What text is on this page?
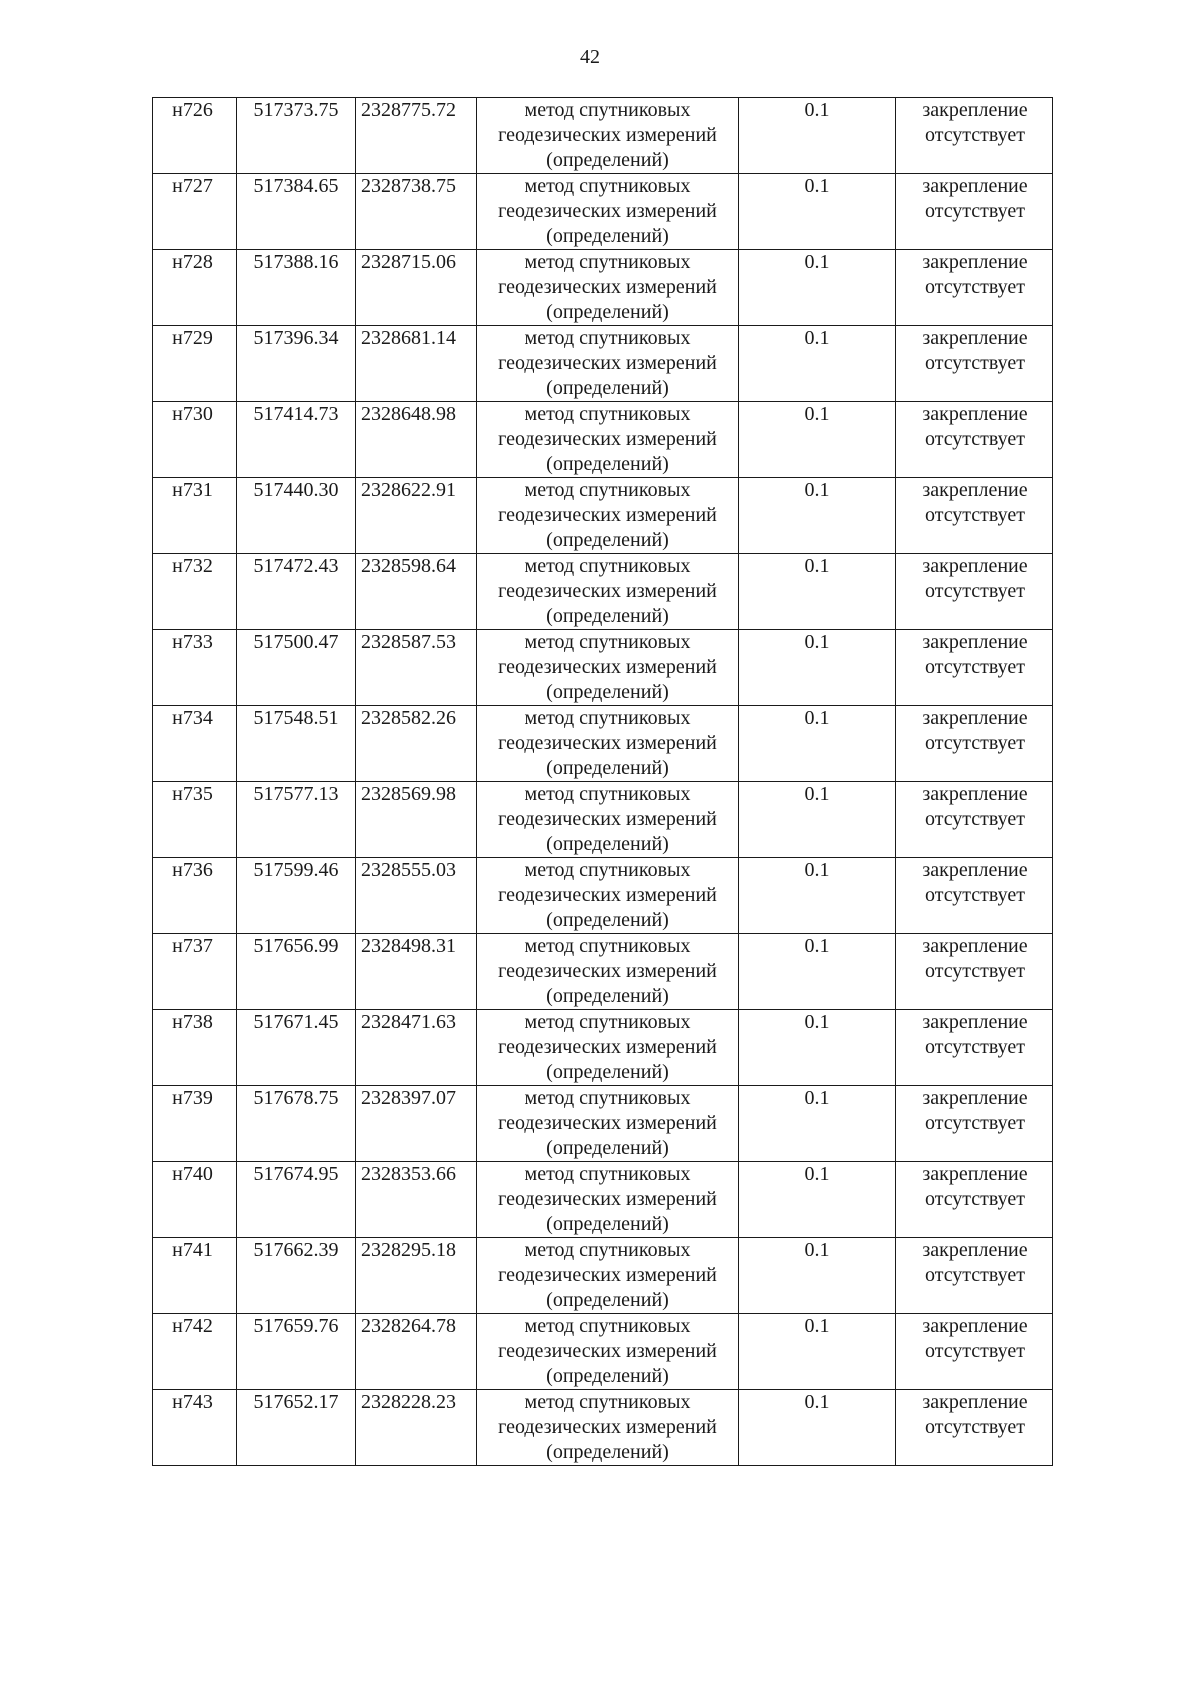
42
н726	517373.75	2328775.72	метод спутниковых
геодезических измерений
(определений)	0.1	закрепление
отсутствует
н727	517384.65	2328738.75	метод спутниковых
геодезических измерений
(определений)	0.1	закрепление
отсутствует
н728	517388.16	2328715.06	метод спутниковых
геодезических измерений
(определений)	0.1	закрепление
отсутствует
н729	517396.34	2328681.14	метод спутниковых
геодезических измерений
(определений)	0.1	закрепление
отсутствует
н730	517414.73	2328648.98	метод спутниковых
геодезических измерений
(определений)	0.1	закрепление
отсутствует
н731	517440.30	2328622.91	метод спутниковых
геодезических измерений
(определений)	0.1	закрепление
отсутствует
н732	517472.43	2328598.64	метод спутниковых
геодезических измерений
(определений)	0.1	закрепление
отсутствует
н733	517500.47	2328587.53	метод спутниковых
геодезических измерений
(определений)	0.1	закрепление
отсутствует
н734	517548.51	2328582.26	метод спутниковых
геодезических измерений
(определений)	0.1	закрепление
отсутствует
н735	517577.13	2328569.98	метод спутниковых
геодезических измерений
(определений)	0.1	закрепление
отсутствует
н736	517599.46	2328555.03	метод спутниковых
геодезических измерений
(определений)	0.1	закрепление
отсутствует
н737	517656.99	2328498.31	метод спутниковых
геодезических измерений
(определений)	0.1	закрепление
отсутствует
н738	517671.45	2328471.63	метод спутниковых
геодезических измерений
(определений)	0.1	закрепление
отсутствует
н739	517678.75	2328397.07	метод спутниковых
геодезических измерений
(определений)	0.1	закрепление
отсутствует
н740	517674.95	2328353.66	метод спутниковых
геодезических измерений
(определений)	0.1	закрепление
отсутствует
н741	517662.39	2328295.18	метод спутниковых
геодезических измерений
(определений)	0.1	закрепление
отсутствует
н742	517659.76	2328264.78	метод спутниковых
геодезических измерений
(определений)	0.1	закрепление
отсутствует
н743	517652.17	2328228.23	метод спутниковых
геодезических измерений
(определений)	0.1	закрепление
отсутствует
